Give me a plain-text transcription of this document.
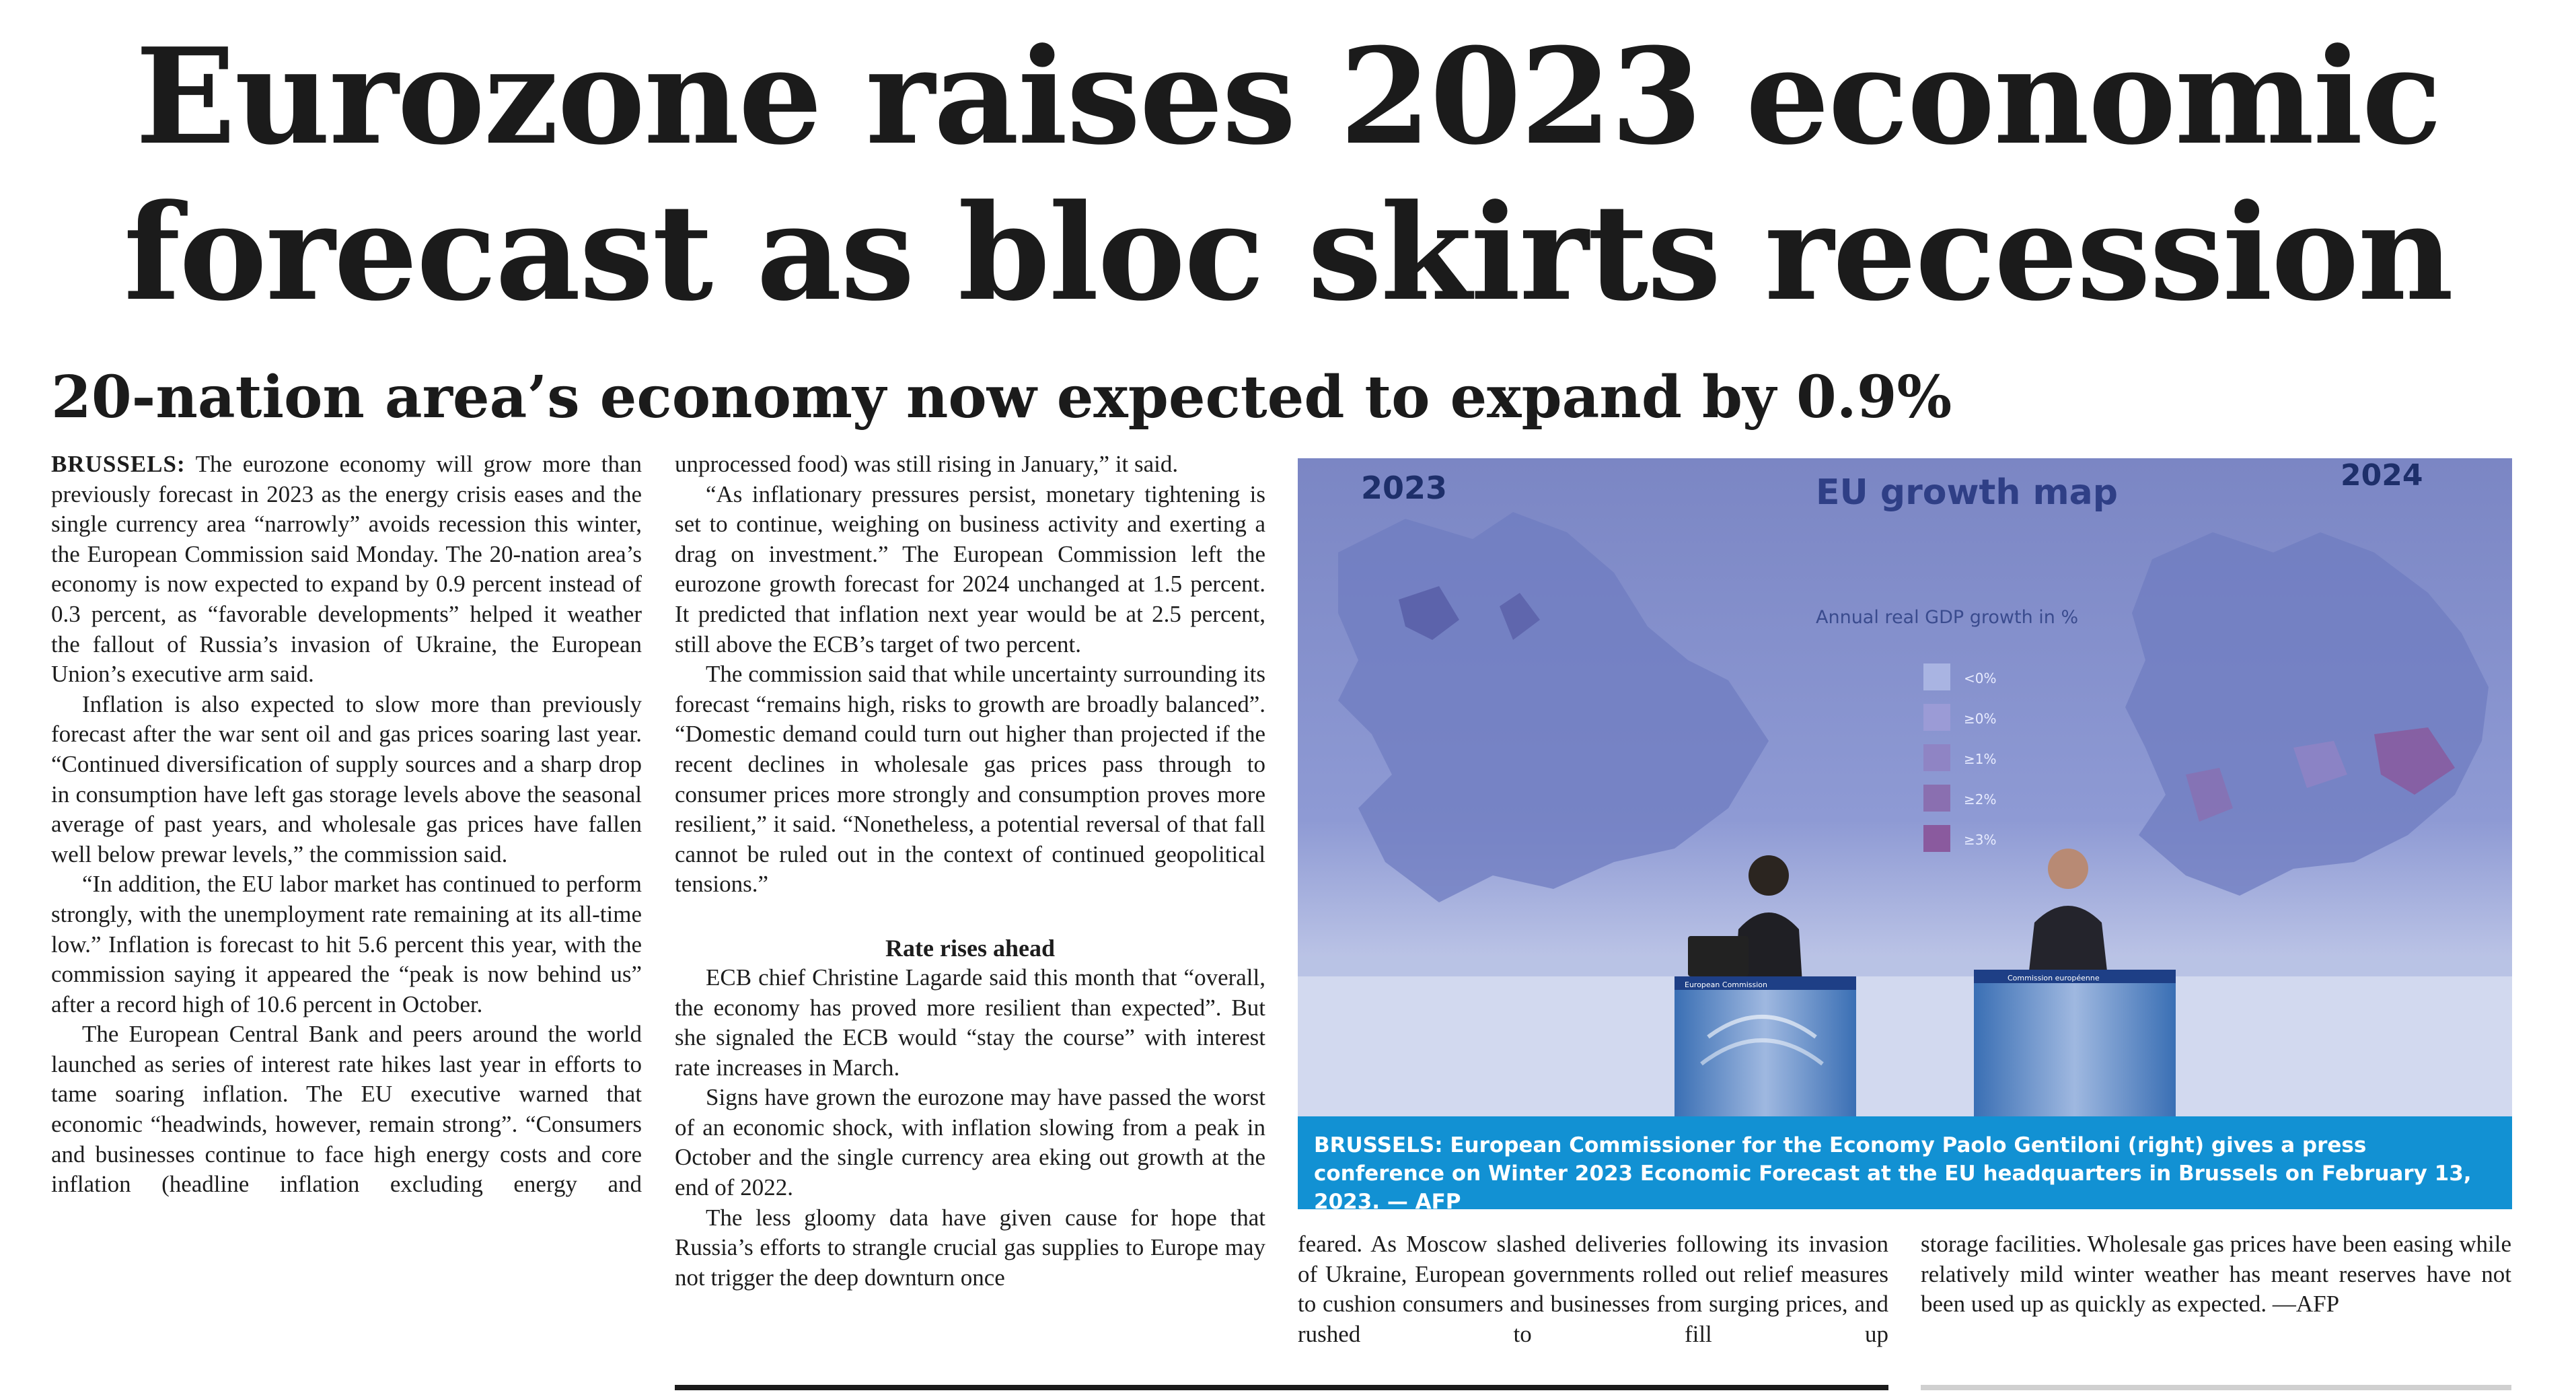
Eurozone raises 2023 economic
forecast as bloc skirts recession
20-nation area’s economy now expected to expand by 0.9%

BRUSSELS: The eurozone economy will grow more than previously forecast in 2023 as the energy crisis eases and the single currency area “narrowly” avoids recession this winter, the European Commission said Monday. The 20-nation area’s economy is now expected to expand by 0.9 percent instead of 0.3 percent, as “favorable developments” helped it weather the fallout of Russia’s invasion of Ukraine, the European Union’s executive arm said.

Inflation is also expected to slow more than previously forecast after the war sent oil and gas prices soaring last year. “Continued diversification of supply sources and a sharp drop in consumption have left gas storage levels above the seasonal average of past years, and wholesale gas prices have fallen well below prewar levels,” the commission said.

“In addition, the EU labor market has continued to perform strongly, with the unemployment rate remaining at its all-time low.” Inflation is forecast to hit 5.6 percent this year, with the commission saying it appeared the “peak is now behind us” after a record high of 10.6 percent in October.

The European Central Bank and peers around the world launched as series of interest rate hikes last year in efforts to tame soaring inflation. The EU executive warned that economic “headwinds, however, remain strong”. “Consumers and businesses continue to face high energy costs and core inflation (headline inflation excluding energy and

unprocessed food) was still rising in January,” it said.

“As inflationary pressures persist, monetary tightening is set to continue, weighing on business activity and exerting a drag on investment.” The European Commission left the eurozone growth forecast for 2024 unchanged at 1.5 percent. It predicted that inflation next year would be at 2.5 percent, still above the ECB’s target of two percent.

The commission said that while uncertainty surrounding its forecast “remains high, risks to growth are broadly balanced”. “Domestic demand could turn out higher than projected if the recent declines in wholesale gas prices pass through to consumer prices more strongly and consumption proves more resilient,” it said. “Nonetheless, a potential reversal of that fall cannot be ruled out in the context of continued geopolitical tensions.”

Rate rises ahead

ECB chief Christine Lagarde said this month that “overall, the economy has proved more resilient than expected”. But she signaled the ECB would “stay the course” with interest rate increases in March.

Signs have grown the eurozone may have passed the worst of an economic shock, with inflation slowing from a peak in October and the single currency area eking out growth at the end of 2022.

The less gloomy data have given cause for hope that Russia’s efforts to strangle crucial gas supplies to Europe may not trigger the deep downturn once

2023	EU growth map	2024
Annual real GDP growth in %
<0%
≥0%
≥1%
≥2%
≥3%
European Commission
Commission européenne
BRUSSELS: European Commissioner for the Economy Paolo Gentiloni (right) gives a press conference on Winter 2023 Economic Forecast at the EU headquarters in Brussels on February 13, 2023. — AFP

feared. As Moscow slashed deliveries following its invasion of Ukraine, European governments rolled out relief measures to cushion consumers and businesses from surging prices, and rushed to fill up

storage facilities. Wholesale gas prices have been easing while relatively mild winter weather has meant reserves have not been used up as quickly as expected. —AFP
